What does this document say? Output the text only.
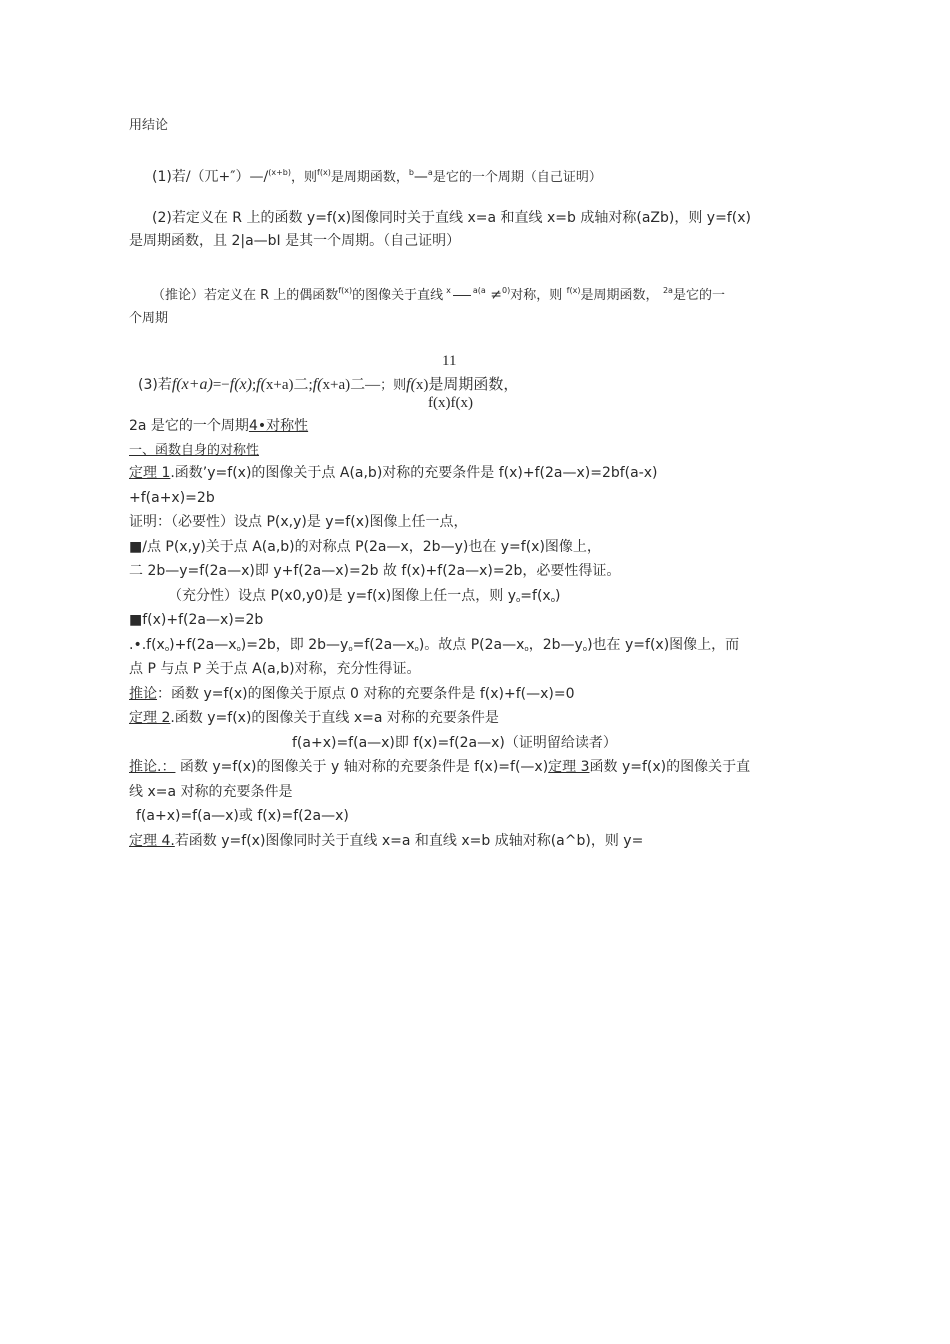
用结论
(1)若/（兀+″）—/$^{(x+b)}$，则$^{f(x)}$是周期函数，$^b$—$^a$是它的一个周期（自己证明）
(2)若定义在 R 上的函数 y=f(x)图像同时关于直线 x=a 和直线 x=b 成轴对称(aZb)，则 y=f(x)
是周期函数，且 2|a—bI 是其一个周期。（自己证明）
（推论）若定义在 R 上的偶函数$^{f(x)}$的图像关于直线 $^x$	$^{a(a}$ ≠$^{0)}$对称，则 $^{f(x)}$是周期函数， $^{2a}$是它的一
个周期
11
(3)若f(x+a)=−f(x);f(x+a)二;f(x+a)二—；则f(x)是周期函数，
f(x)f(x)
2a 是它的一个周期4•对称性
一、函数自身的对称性
定理 1.函数’y=f(x)的图像关于点 A(a,b)对称的充要条件是 f(x)+f(2a—x)=2bf(a-x)
+f(a+x)=2b
证明：（必要性）设点 P(x,y)是 y=f(x)图像上任一点，
■/点 P(x,y)关于点 A(a,b)的对称点 P(2a—x，2b—y)也在 y=f(x)图像上，
二 2b—y=f(2a—x)即 y+f(2a—x)=2b 故 f(x)+f(2a—x)=2b，必要性得证。
（充分性）设点 P(x0,y0)是 y=f(x)图像上任一点，则 $y_o=f(x_o)$
■f(x)+f(2a—x)=2b
$.•.f(x_o)+f(2a—x_o)=2b$，即 $2b—y_o=f(2a—x_o)$。故点 $P(2a—x_o$，$2b—y_o$)也在 y=f(x)图像上，而
点 P 与点 P 关于点 A(a,b)对称，充分性得证。
推论：函数 y=f(x)的图像关于原点 0 对称的充要条件是 f(x)+f(—x)=0
定理 2.函数 y=f(x)的图像关于直线 x=a 对称的充要条件是
f(a+x)=f(a—x)即 f(x)=f(2a—x)（证明留给读者）
推论.： 函数 y=f(x)的图像关于 y 轴对称的充要条件是 f(x)=f(—x)定理 3函数 y=f(x)的图像关于直
线 x=a 对称的充要条件是
f(a+x)=f(a—x)或 f(x)=f(2a—x)
定理 4.若函数 y=f(x)图像同时关于直线 x=a 和直线 x=b 成轴对称(a^b)，则 y=
